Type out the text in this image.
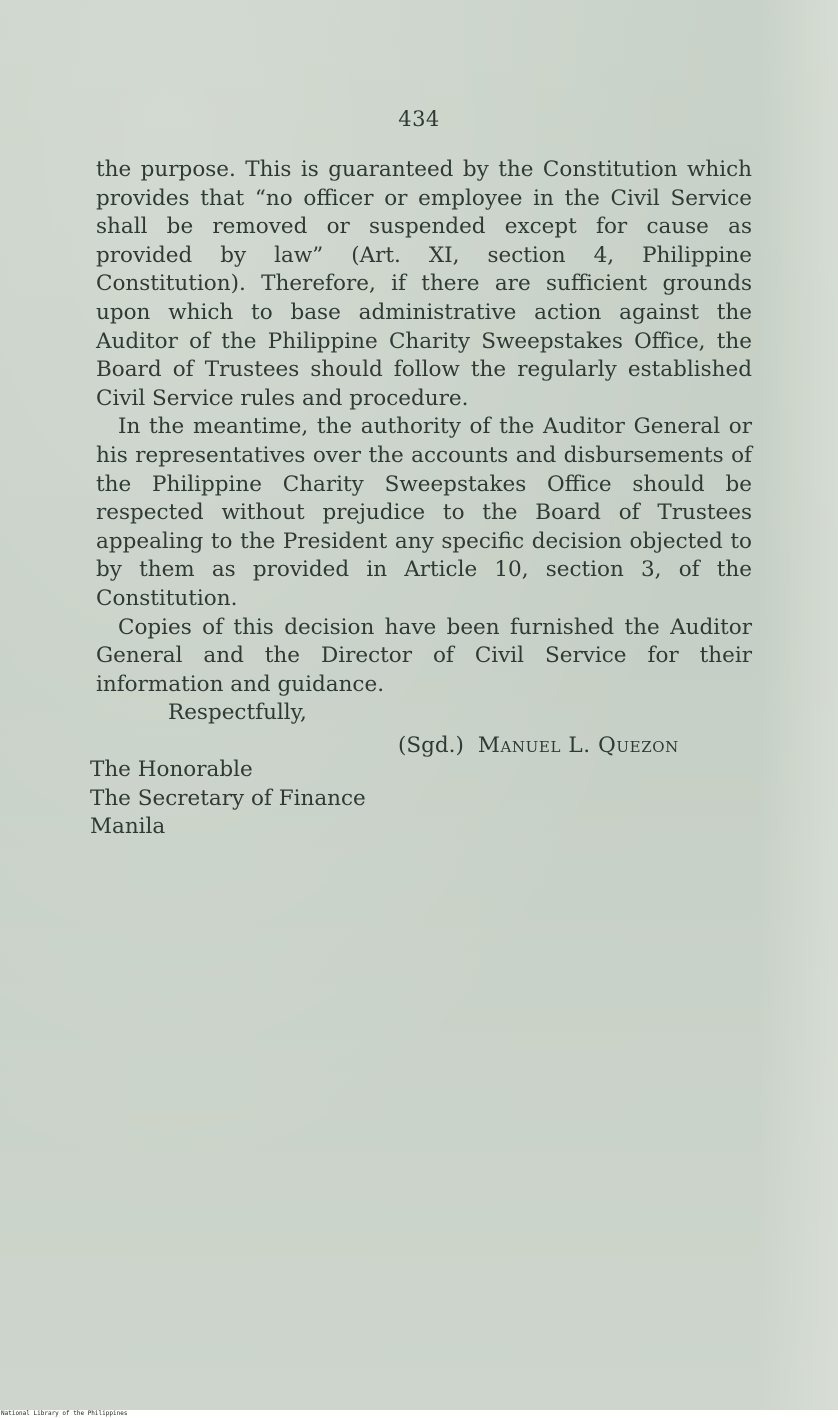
434

the purpose. This is guaranteed by the Constitution which provides that “no officer or employee in the Civil Service shall be removed or suspended except for cause as provided by law” (Art. XI, section 4, Philippine Constitution). Therefore, if there are sufficient grounds upon which to base administrative action against the Auditor of the Philippine Charity Sweepstakes Office, the Board of Trustees should follow the regularly established Civil Service rules and procedure.

In the meantime, the authority of the Auditor General or his representatives over the accounts and disbursements of the Philippine Charity Sweepstakes Office should be respected without prejudice to the Board of Trustees appealing to the President any specific decision objected to by them as provided in Article 10, section 3, of the Constitution.

Copies of this decision have been furnished the Auditor General and the Director of Civil Service for their information and guidance.

Respectfully,
(Sgd.) Manuel L. Quezon
The Honorable
The Secretary of Finance
Manila
National Library of the Philippines
